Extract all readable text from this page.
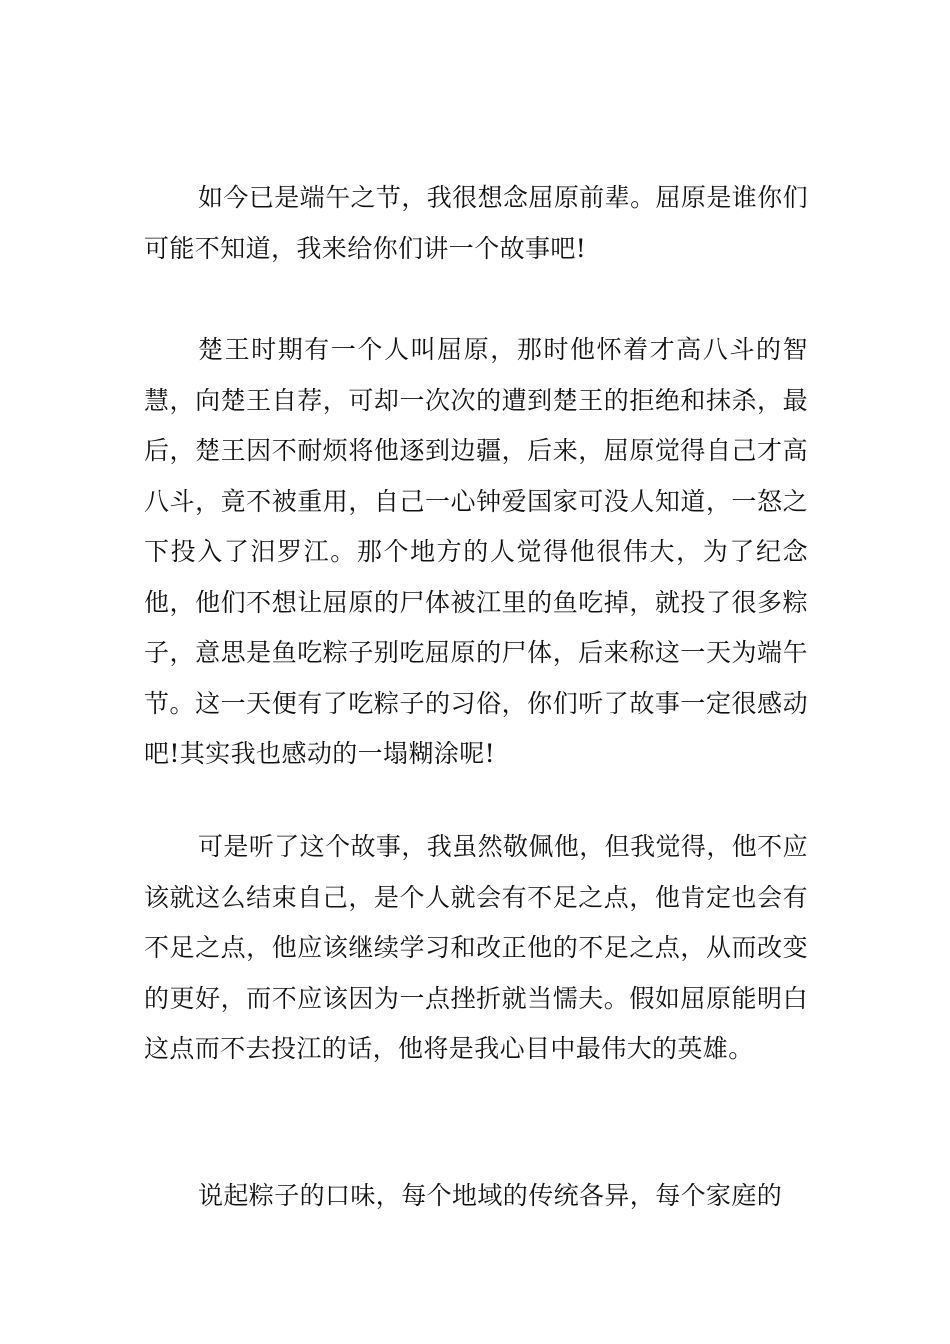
如今已是端午之节，我很想念屈原前辈。屈原是谁你们可能不知道，我来给你们讲一个故事吧!

楚王时期有一个人叫屈原，那时他怀着才高八斗的智慧，向楚王自荐，可却一次次的遭到楚王的拒绝和抹杀，最后，楚王因不耐烦将他逐到边疆，后来，屈原觉得自己才高八斗，竟不被重用，自己一心钟爱国家可没人知道，一怒之下投入了汨罗江。那个地方的人觉得他很伟大，为了纪念他，他们不想让屈原的尸体被江里的鱼吃掉，就投了很多粽子，意思是鱼吃粽子别吃屈原的尸体，后来称这一天为端午节。这一天便有了吃粽子的习俗，你们听了故事一定很感动吧!其实我也感动的一塌糊涂呢!

可是听了这个故事，我虽然敬佩他，但我觉得，他不应该就这么结束自己，是个人就会有不足之点，他肯定也会有不足之点，他应该继续学习和改正他的不足之点，从而改变的更好，而不应该因为一点挫折就当懦夫。假如屈原能明白这点而不去投江的话，他将是我心目中最伟大的英雄。

说起粽子的口味，每个地域的传统各异，每个家庭的
